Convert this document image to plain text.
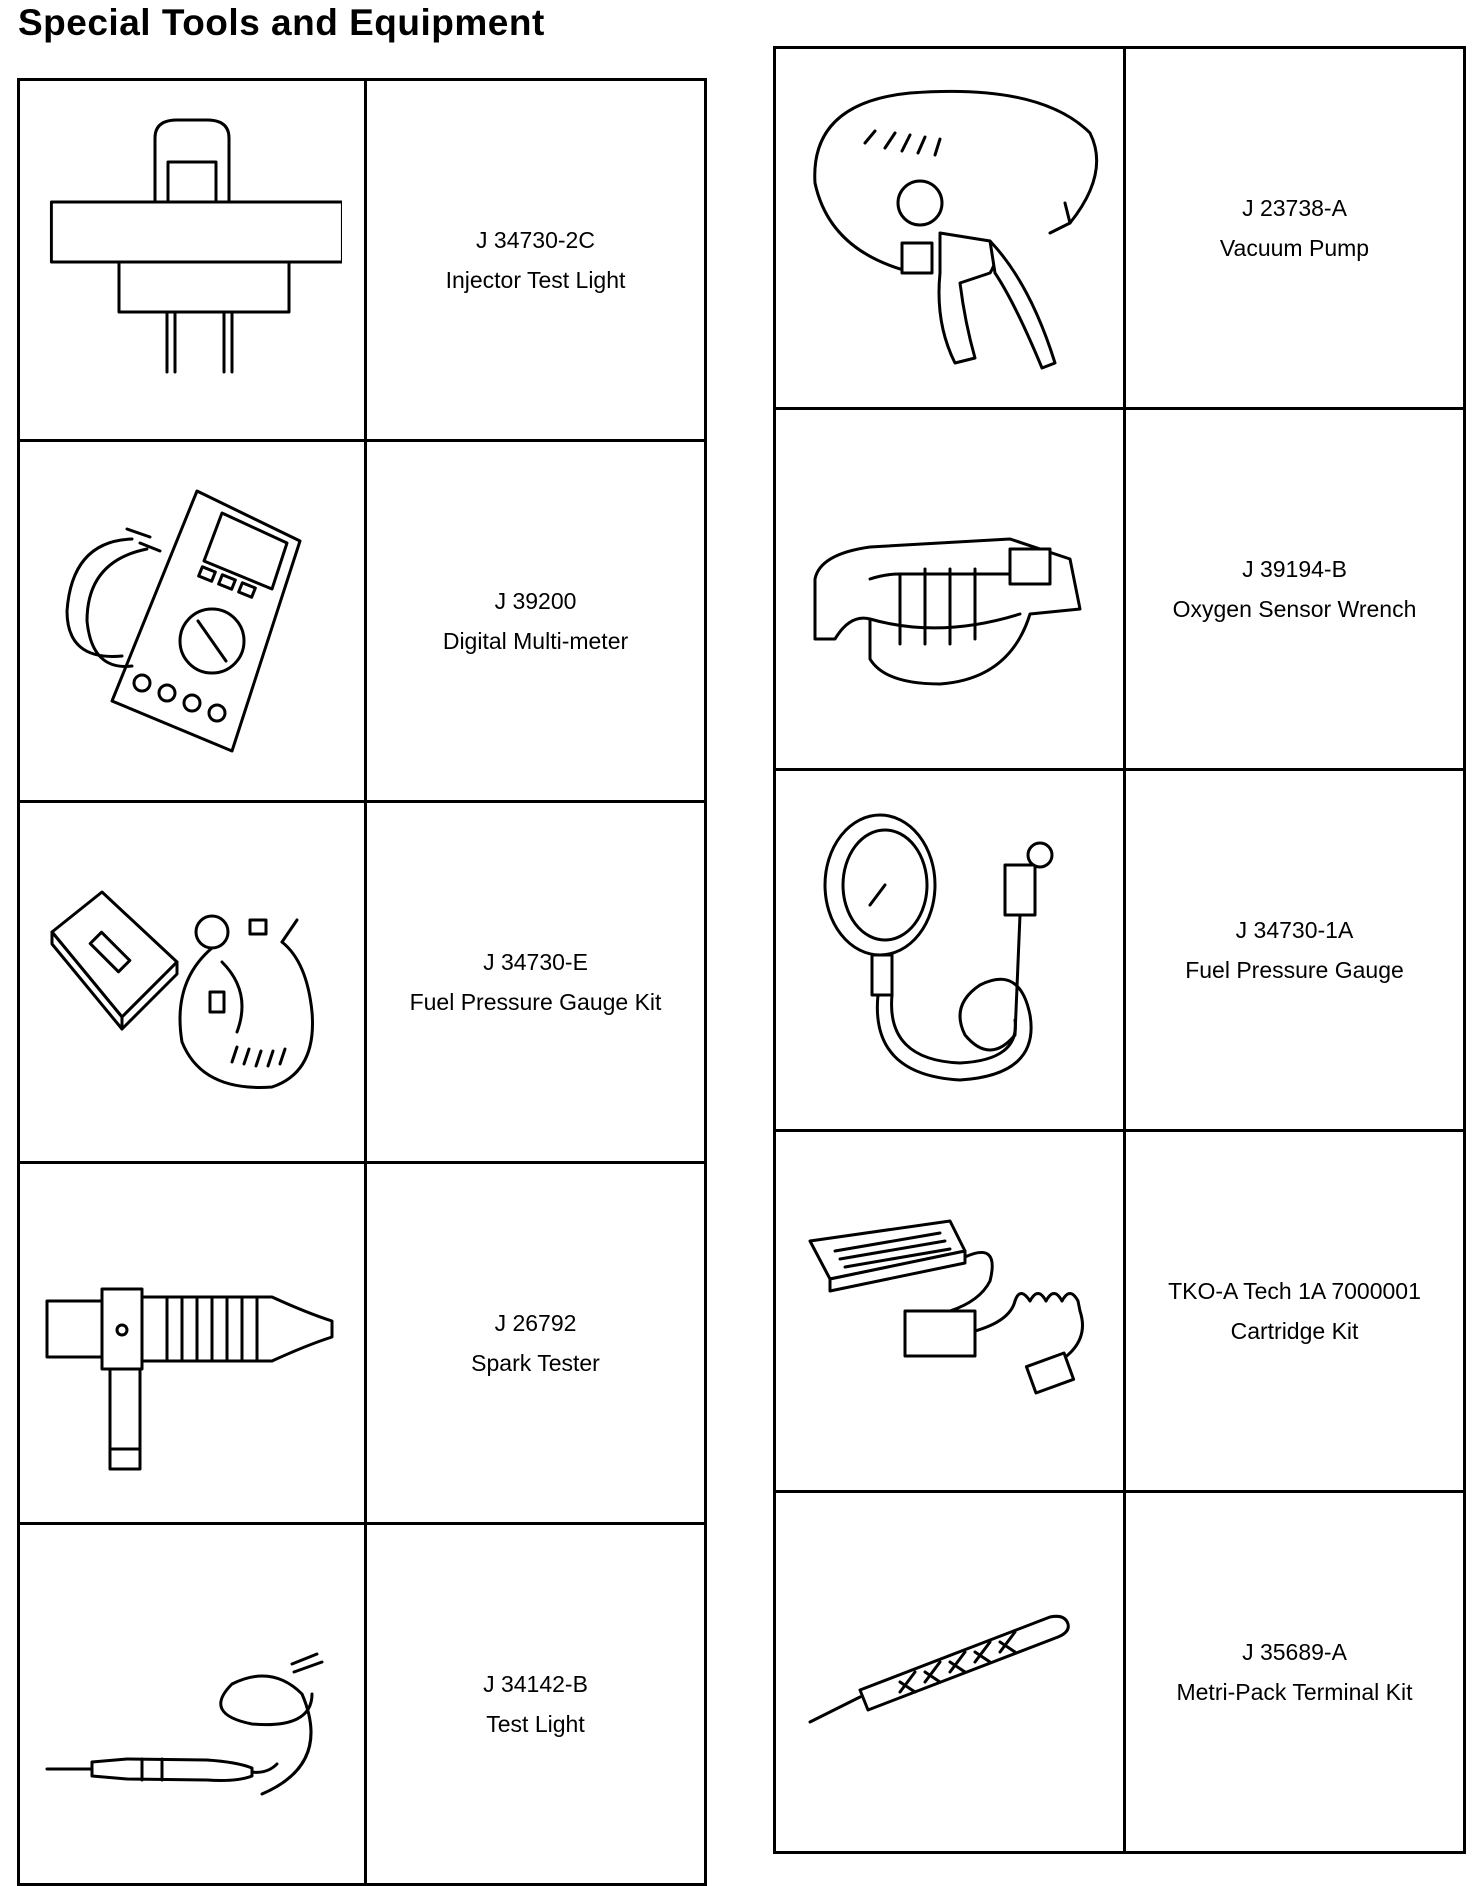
Special Tools and Equipment

J 34730-2C
Injector Test Light

J 39200
Digital Multi-meter

J 34730-E
Fuel Pressure Gauge Kit

J 26792
Spark Tester

J 34142-B
Test Light

J 23738-A
Vacuum Pump

J 39194-B
Oxygen Sensor Wrench

J 34730-1A
Fuel Pressure Gauge

TKO-A Tech 1A 7000001
Cartridge Kit

J 35689-A
Metri-Pack Terminal Kit
